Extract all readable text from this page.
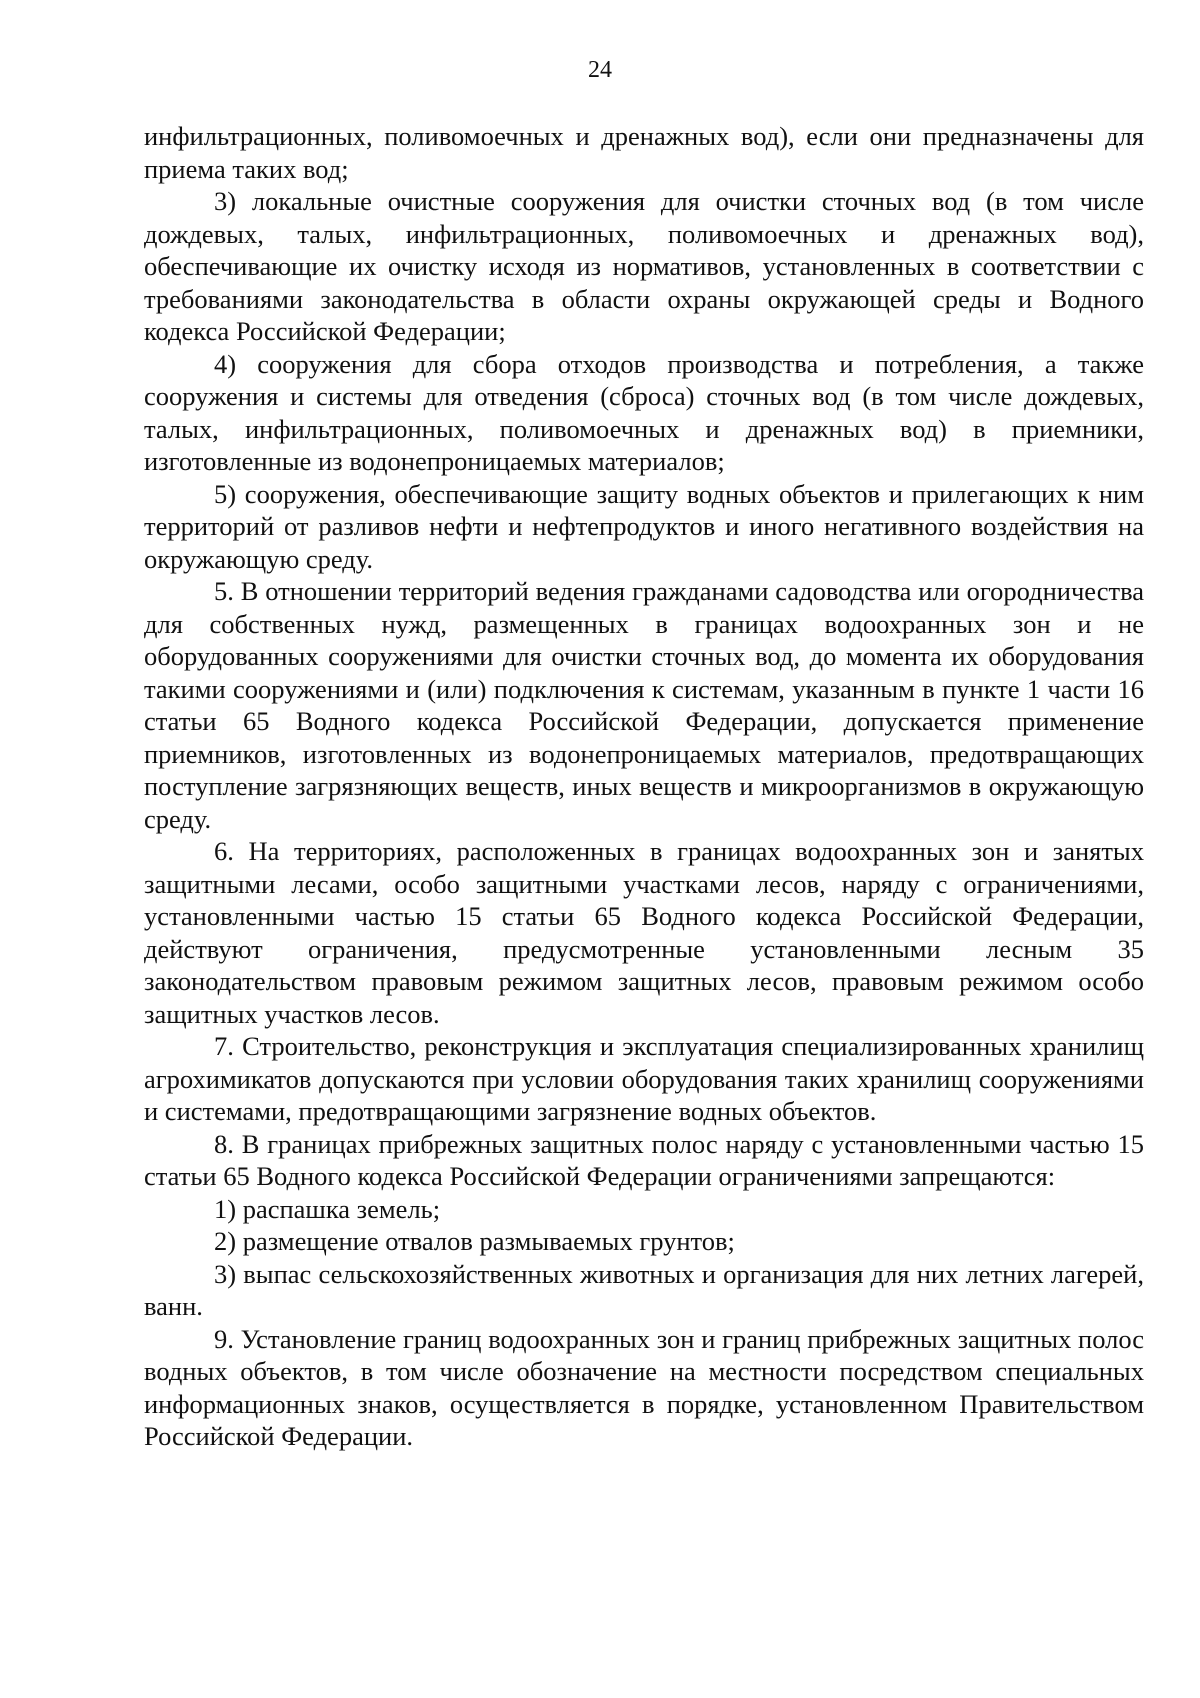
24

инфильтрационных, поливомоечных и дренажных вод), если они предназначены для приема таких вод;

3) локальные очистные сооружения для очистки сточных вод (в том числе дождевых, талых, инфильтрационных, поливомоечных и дренажных вод), обеспечивающие их очистку исходя из нормативов, установленных в соответствии с требованиями законодательства в области охраны окружающей среды и Водного кодекса Российской Федерации;

4) сооружения для сбора отходов производства и потребления, а также сооружения и системы для отведения (сброса) сточных вод (в том числе дождевых, талых, инфильтрационных, поливомоечных и дренажных вод) в приемники, изготовленные из водонепроницаемых материалов;

5) сооружения, обеспечивающие защиту водных объектов и прилегающих к ним территорий от разливов нефти и нефтепродуктов и иного негативного воздействия на окружающую среду.

5. В отношении территорий ведения гражданами садоводства или огородничества для собственных нужд, размещенных в границах водоохранных зон и не оборудованных сооружениями для очистки сточных вод, до момента их оборудования такими сооружениями и (или) подключения к системам, указанным в пункте 1 части 16 статьи 65 Водного кодекса Российской Федерации, допускается применение приемников, изготовленных из водонепроницаемых материалов, предотвращающих поступление загрязняющих веществ, иных веществ и микроорганизмов в окружающую среду.

6. На территориях, расположенных в границах водоохранных зон и занятых защитными лесами, особо защитными участками лесов, наряду с ограничениями, установленными частью 15 статьи 65 Водного кодекса Российской Федерации, действуют ограничения, предусмотренные установленными лесным 35 законодательством правовым режимом защитных лесов, правовым режимом особо защитных участков лесов.

7. Строительство, реконструкция и эксплуатация специализированных хранилищ агрохимикатов допускаются при условии оборудования таких хранилищ сооружениями и системами, предотвращающими загрязнение водных объектов.

8. В границах прибрежных защитных полос наряду с установленными частью 15 статьи 65 Водного кодекса Российской Федерации ограничениями запрещаются:

1) распашка земель;

2) размещение отвалов размываемых грунтов;

3) выпас сельскохозяйственных животных и организация для них летних лагерей, ванн.

9. Установление границ водоохранных зон и границ прибрежных защитных полос водных объектов, в том числе обозначение на местности посредством специальных информационных знаков, осуществляется в порядке, установленном Правительством Российской Федерации.
